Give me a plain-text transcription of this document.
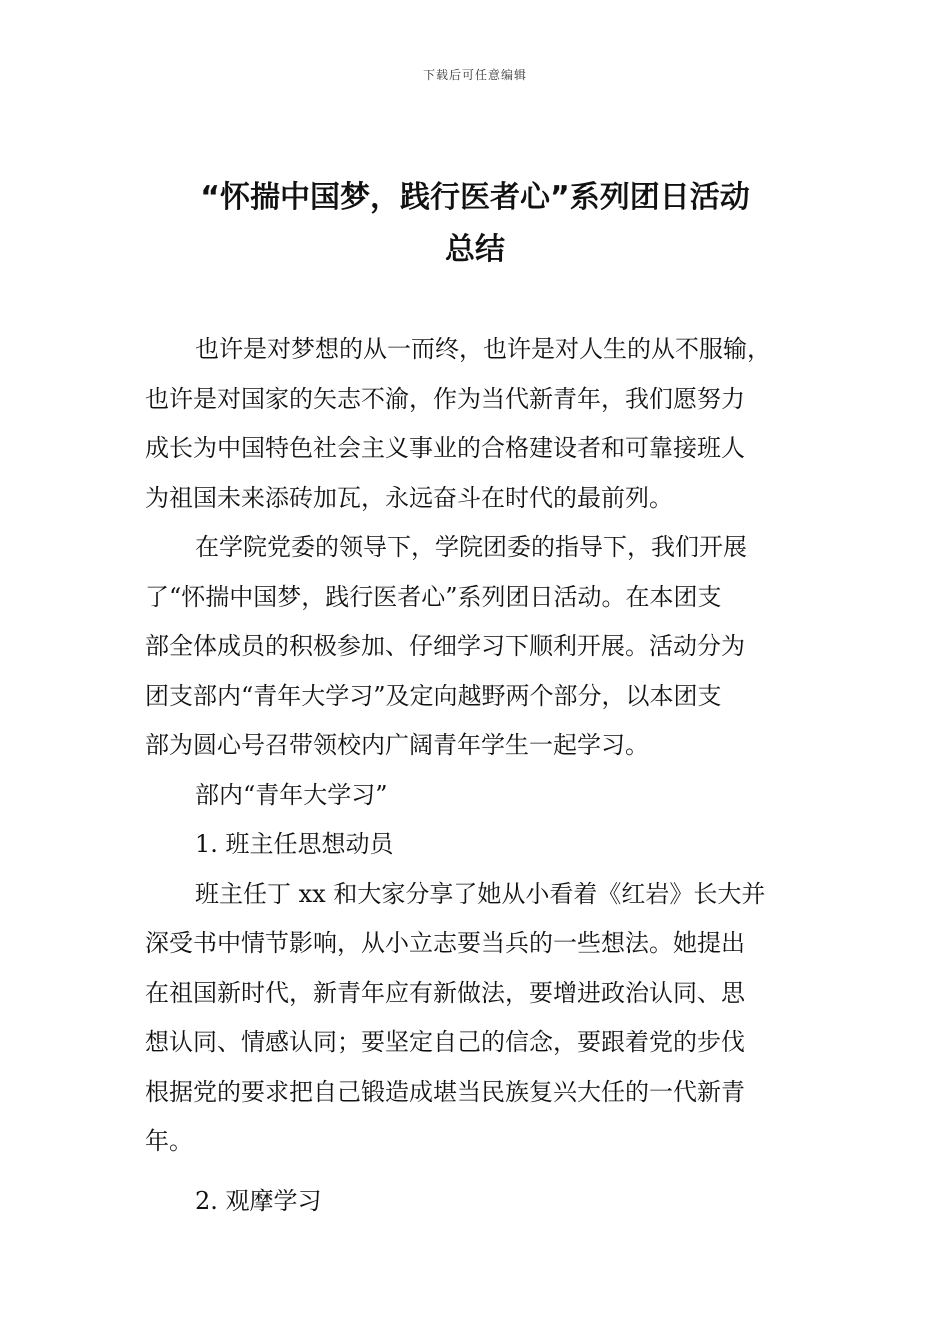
下载后可任意编辑
“怀揣中国梦，践行医者心”系列团日活动
总结
也许是对梦想的从一而终，也许是对人生的从不服输，
也许是对国家的矢志不渝，作为当代新青年，我们愿努力
成长为中国特色社会主义事业的合格建设者和可靠接班人
为祖国未来添砖加瓦，永远奋斗在时代的最前列。
在学院党委的领导下，学院团委的指导下，我们开展
了“怀揣中国梦，践行医者心”系列团日活动。在本团支
部全体成员的积极参加、仔细学习下顺利开展。活动分为
团支部内“青年大学习”及定向越野两个部分，以本团支
部为圆心号召带领校内广阔青年学生一起学习。
部内“青年大学习”
1. 班主任思想动员
班主任丁 xx 和大家分享了她从小看着《红岩》长大并
深受书中情节影响，从小立志要当兵的一些想法。她提出
在祖国新时代，新青年应有新做法，要增进政治认同、思
想认同、情感认同；要坚定自己的信念，要跟着党的步伐
根据党的要求把自己锻造成堪当民族复兴大任的一代新青
年。
2. 观摩学习
